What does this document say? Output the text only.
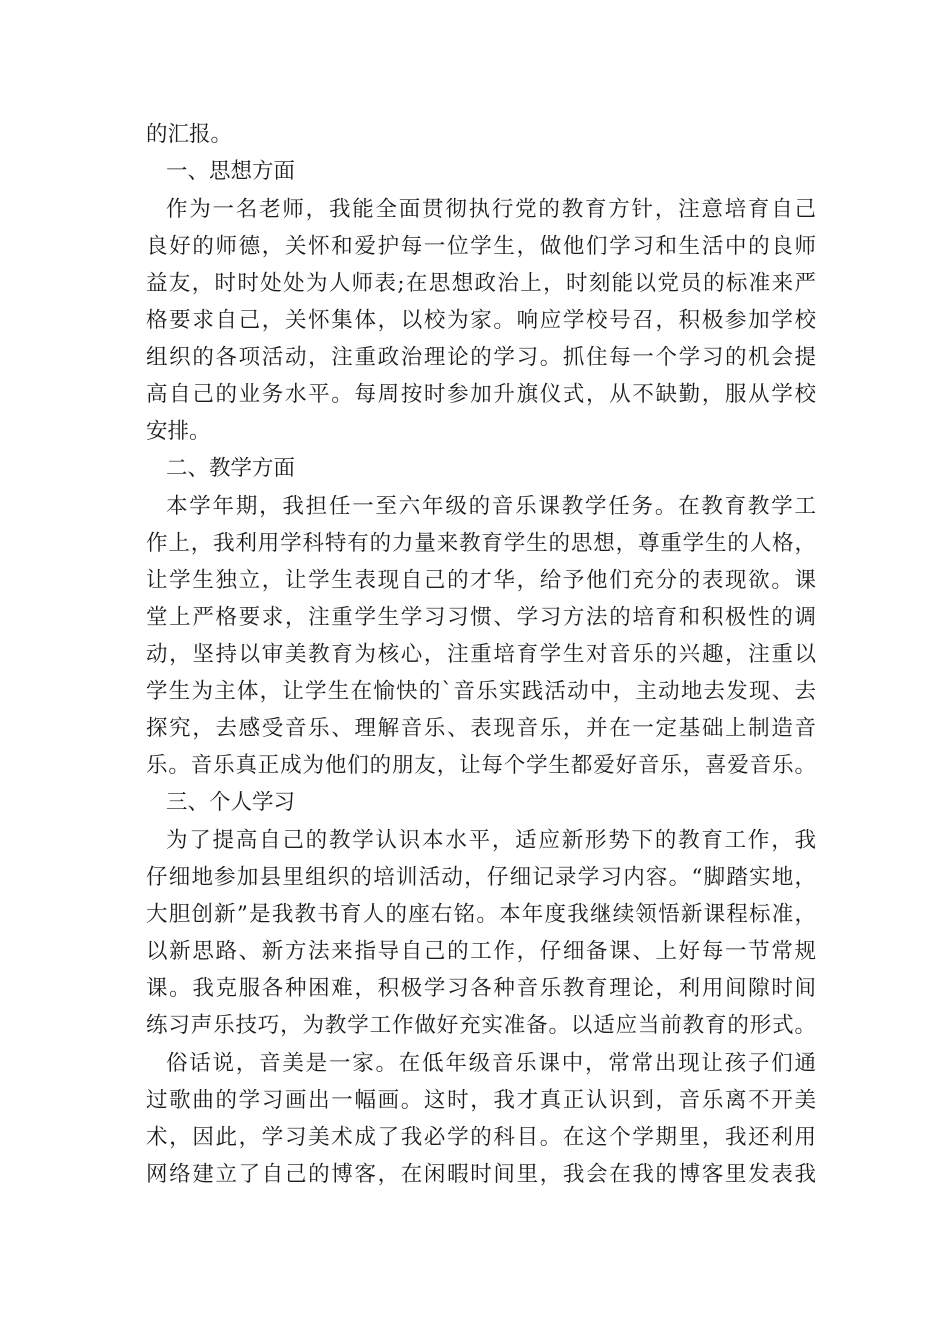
的汇报。
一、思想方面
作为一名老师，我能全面贯彻执行党的教育方针，注意培育自己
良好的师德，关怀和爱护每一位学生，做他们学习和生活中的良师
益友，时时处处为人师表;在思想政治上，时刻能以党员的标准来严
格要求自己，关怀集体，以校为家。响应学校号召，积极参加学校
组织的各项活动，注重政治理论的学习。抓住每一个学习的机会提
高自己的业务水平。每周按时参加升旗仪式，从不缺勤，服从学校
安排。
二、教学方面
本学年期，我担任一至六年级的音乐课教学任务。在教育教学工
作上，我利用学科特有的力量来教育学生的思想，尊重学生的人格，
让学生独立，让学生表现自己的才华，给予他们充分的表现欲。课
堂上严格要求，注重学生学习习惯、学习方法的培育和积极性的调
动，坚持以审美教育为核心，注重培育学生对音乐的兴趣，注重以
学生为主体，让学生在愉快的`音乐实践活动中，主动地去发现、去
探究，去感受音乐、理解音乐、表现音乐，并在一定基础上制造音
乐。音乐真正成为他们的朋友，让每个学生都爱好音乐，喜爱音乐。
三、个人学习
为了提高自己的教学认识本水平，适应新形势下的教育工作，我
仔细地参加县里组织的培训活动，仔细记录学习内容。“脚踏实地，
大胆创新”是我教书育人的座右铭。本年度我继续领悟新课程标准，
以新思路、新方法来指导自己的工作，仔细备课、上好每一节常规
课。我克服各种困难，积极学习各种音乐教育理论，利用间隙时间
练习声乐技巧，为教学工作做好充实准备。以适应当前教育的形式。
俗话说，音美是一家。在低年级音乐课中，常常出现让孩子们通
过歌曲的学习画出一幅画。这时，我才真正认识到，音乐离不开美
术，因此，学习美术成了我必学的科目。在这个学期里，我还利用
网络建立了自己的博客，在闲暇时间里，我会在我的博客里发表我
